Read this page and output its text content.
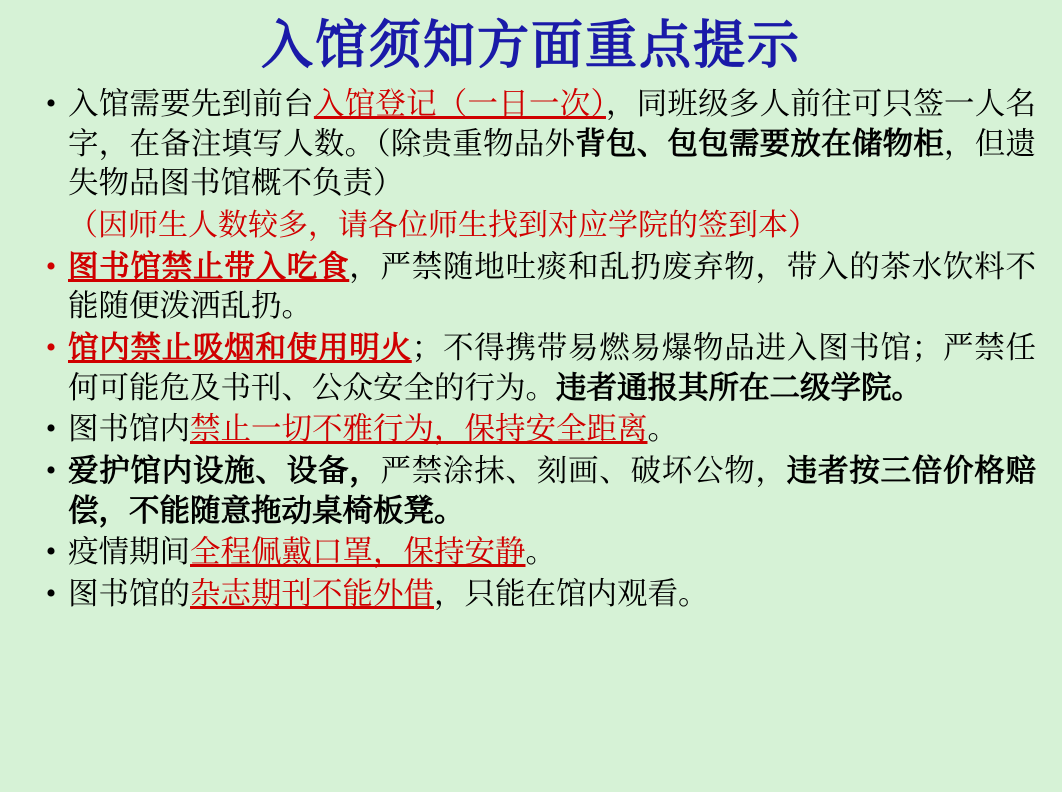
入馆须知方面重点提示
• 入馆需要先到前台入馆登记（一日一次），同班级多人前往可只签一人名字，在备注填写人数。（除贵重物品外背包、包包需要放在储物柜，但遗失物品图书馆概不负责）
（因师生人数较多，请各位师生找到对应学院的签到本）
• 图书馆禁止带入吃食，严禁随地吐痰和乱扔废弃物，带入的茶水饮料不能随便泼洒乱扔。
• 馆内禁止吸烟和使用明火；不得携带易燃易爆物品进入图书馆；严禁任何可能危及书刊、公众安全的行为。违者通报其所在二级学院。
• 图书馆内禁止一切不雅行为，保持安全距离。
• 爱护馆内设施、设备，严禁涂抹、刻画、破坏公物，违者按三倍价格赔偿，不能随意拖动桌椅板凳。
• 疫情期间全程佩戴口罩，保持安静。
• 图书馆的杂志期刊不能外借，只能在馆内观看。
